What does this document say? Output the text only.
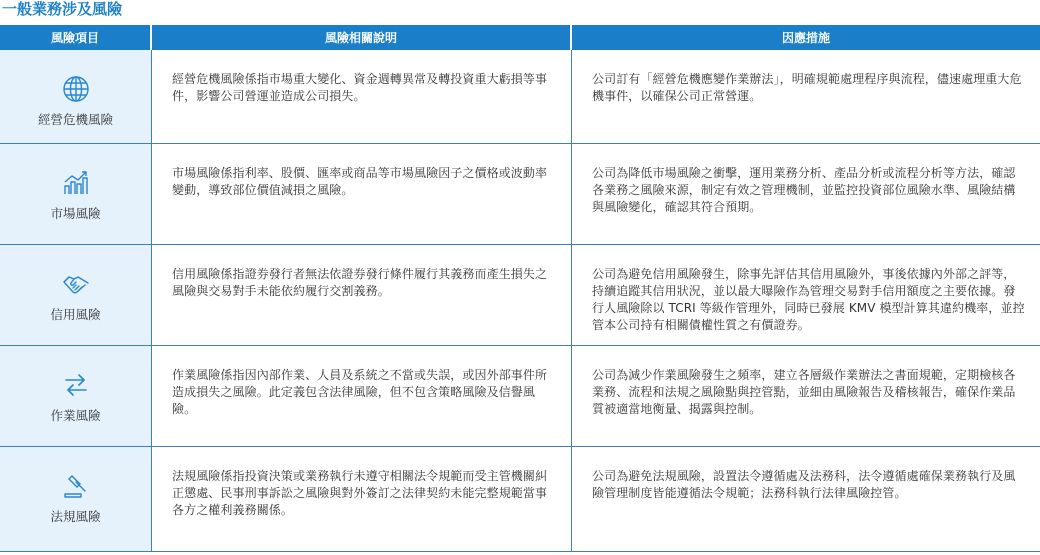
一般業務涉及風險
風險項目	風險相關說明	因應措施

經營危機風險	經營危機風險係指市場重大變化、資金週轉異常及轉投資重大虧損等事件，影響公司營運並造成公司損失。	公司訂有「經營危機應變作業辦法」，明確規範處理程序與流程，儘速處理重大危機事件，以確保公司正常營運。

市場風險	市場風險係指利率、股價、匯率或商品等市場風險因子之價格或波動率變動，導致部位價值減損之風險。	公司為降低市場風險之衝擊，運用業務分析、產品分析或流程分析等方法，確認各業務之風險來源，制定有效之管理機制，並監控投資部位風險水準、風險結構與風險變化，確認其符合預期。

信用風險	信用風險係指證券發行者無法依證券發行條件履行其義務而產生損失之風險與交易對手未能依約履行交割義務。	公司為避免信用風險發生，除事先評估其信用風險外，事後依據內外部之評等，持續追蹤其信用狀況，並以最大曝險作為管理交易對手信用額度之主要依據。發行人風險除以 TCRI 等級作管理外，同時已發展 KMV 模型計算其違約機率，並控管本公司持有相關債權性質之有價證券。

作業風險	作業風險係指因內部作業、人員及系統之不當或失誤，或因外部事件所造成損失之風險。此定義包含法律風險，但不包含策略風險及信譽風險。	公司為減少作業風險發生之頻率，建立各層級作業辦法之書面規範，定期檢核各業務、流程和法規之風險點與控管點，並細由風險報告及稽核報告，確保作業品質被適當地衡量、揭露與控制。

法規風險	法規風險係指投資決策或業務執行未遵守相關法令規範而受主管機關糾正懲處、民事刑事訴訟之風險與對外簽訂之法律契約未能完整規範當事各方之權利義務關係。	公司為避免法規風險，設置法令遵循處及法務科，法令遵循處確保業務執行及風險管理制度皆能遵循法令規範；法務科執行法律風險控管。
